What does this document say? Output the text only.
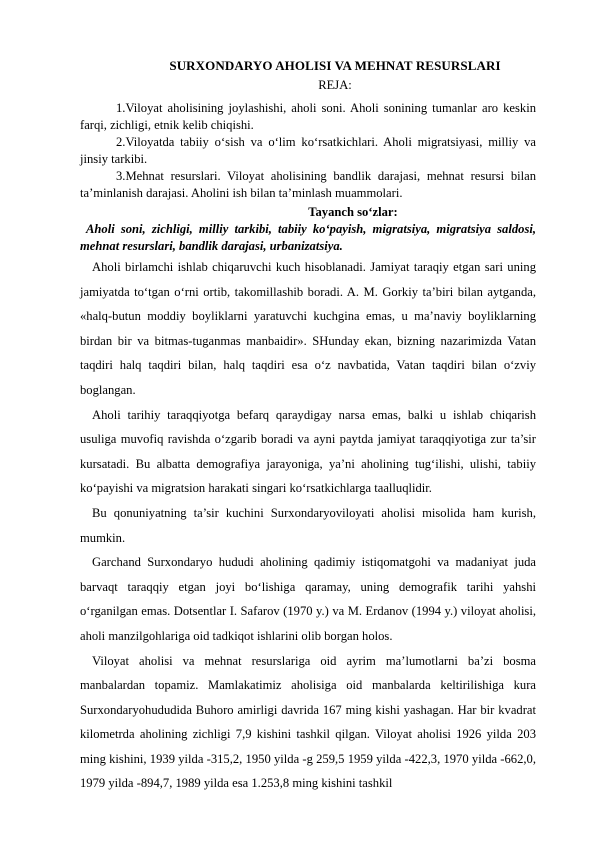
SURXONDARYO AHOLISI VA MEHNAT RESURSLARI
REJA:

1.Viloyat aholisining joylashishi, aholi soni. Aholi sonining tumanlar aro keskin farqi, zichligi, etnik kelib chiqishi.

2.Viloyatda tabiiy o‘sish va o‘lim ko‘rsatkichlari. Aholi migratsiyasi, milliy va jinsiy tarkibi.

3.Mehnat resurslari. Viloyat aholisining bandlik darajasi, mehnat resursi bilan ta’minlanish darajasi. Aholini ish bilan ta’minlash muammolari.

Tayanch so‘zlar:
Aholi soni, zichligi, milliy tarkibi, tabiiy ko‘payish, migratsiya, migratsiya saldosi, mehnat resurslari, bandlik darajasi, urbanizatsiya.

Aholi birlamchi ishlab chiqaruvchi kuch hisoblanadi. Jamiyat taraqiy etgan sari uning jamiyatda to‘tgan o‘rni ortib, takomillashib boradi. A. M. Gorkiy ta’biri bilan aytganda, «halq-butun moddiy boyliklarni yaratuvchi kuchgina emas, u ma’naviy boyliklarning birdan bir va bitmas-tuganmas manbaidir». SHunday ekan, bizning nazarimizda Vatan taqdiri halq taqdiri bilan, halq taqdiri esa o‘z navbatida, Vatan taqdiri bilan o‘zviy boglangan.

Aholi tarihiy taraqqiyotga befarq qaraydigay narsa emas, balki u ishlab chiqarish usuliga muvofiq ravishda o‘zgarib boradi va ayni paytda jamiyat taraqqiyotiga zur ta’sir kursatadi. Bu albatta demografiya jarayoniga, ya’ni aholining tug‘ilishi, ulishi, tabiiy ko‘payishi va migratsion harakati singari ko‘rsatkichlarga taalluqlidir.

Bu qonuniyatning ta’sir kuchini Surxondaryoviloyati aholisi misolida ham kurish, mumkin.

Garchand Surxondaryo hududi aholining qadimiy istiqomatgohi va madaniyat juda barvaqt taraqqiy etgan joyi bo‘lishiga qaramay, uning demografik tarihi yahshi o‘rganilgan emas. Dotsentlar I. Safarov (1970 y.) va M. Erdanov (1994 y.) viloyat aholisi, aholi manzilgohlariga oid tadkiqot ishlarini olib borgan holos.

Viloyat aholisi va mehnat resurslariga oid ayrim ma’lumotlarni ba’zi bosma manbalardan topamiz. Mamlakatimiz aholisiga oid manbalarda keltirilishiga kura Surxondaryohududida Buhoro amirligi davrida 167 ming kishi yashagan. Har bir kvadrat kilometrda aholining zichligi 7,9 kishini tashkil qilgan. Viloyat aholisi 1926 yilda 203 ming kishini, 1939 yilda -315,2, 1950 yilda -g 259,5 1959 yilda -422,3, 1970 yilda -662,0, 1979 yilda -894,7, 1989 yilda esa 1.253,8 ming kishini tashkil
